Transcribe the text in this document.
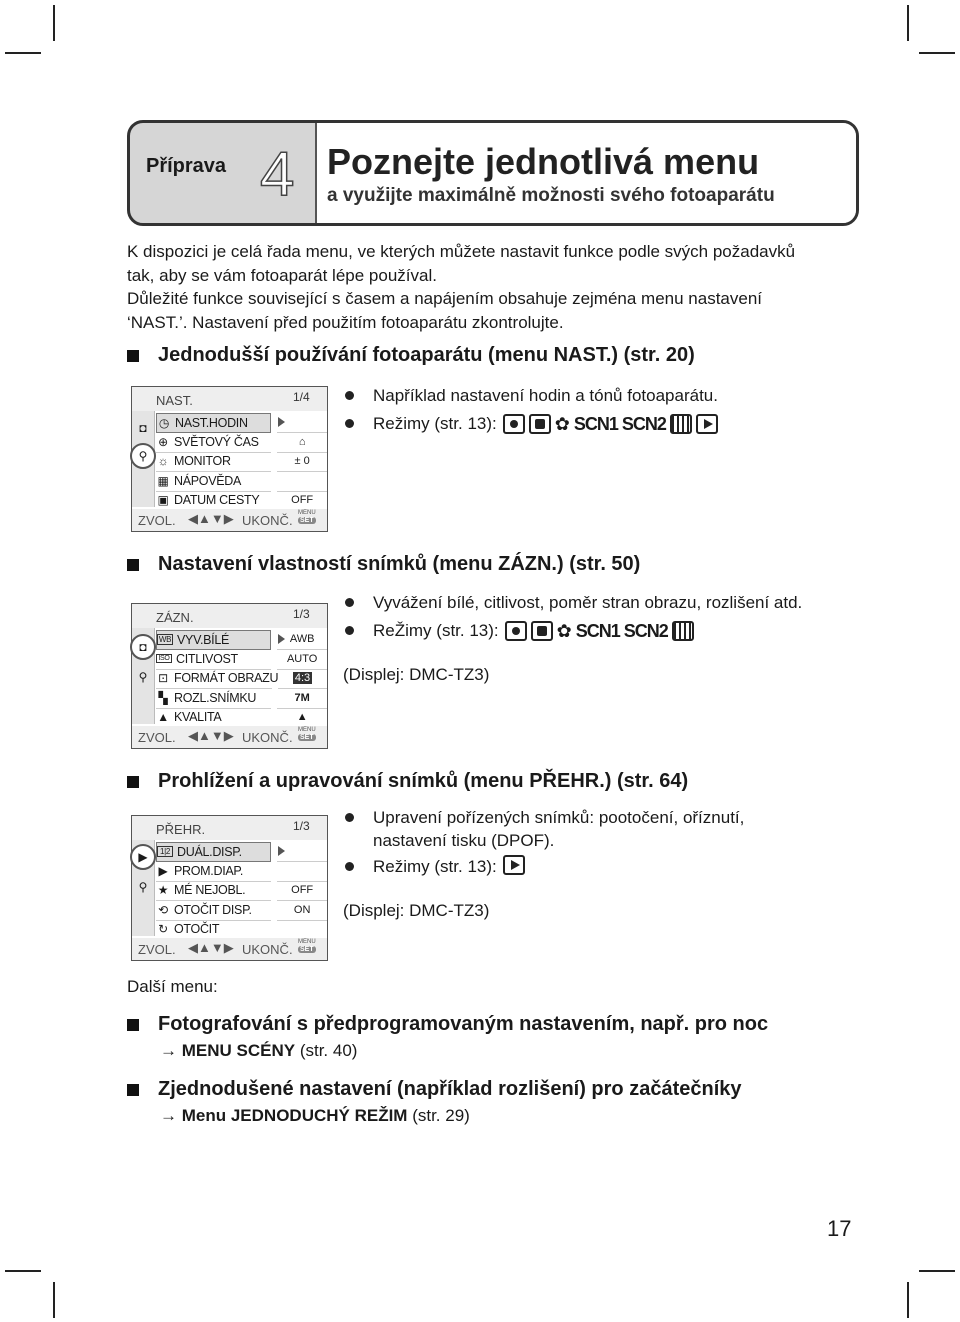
Příprava 4 Poznejte jednotlivá menu
a využijte maximálně možnosti svého fotoaparátu

K dispozici je celá řada menu, ve kterých můžete nastavit funkce podle svých požadavků

tak, aby se vám fotoaparát lépe používal.

Důležité funkce související s časem a napájením obsahuje zejména menu nastavení

‘NAST.’. Nastavení před použitím fotoaparátu zkontrolujte.

Jednodušší používání fotoaparátu (menu NAST.) (str. 20)
Například nastavení hodin a tónů fotoaparátu.
Režimy (str. 13):	✿ SCN1 SCN2
NAST.	1/4
◘
⚲
◷ NAST.HODIN
⊕ SVĚTOVÝ ČAS	⌂
☼ MONITOR	± 0
▦ NÁPOVĚDA
▣ DATUM CESTY	OFF
ZVOL. ◀▲▼▶ UKONČ. MENU
SET
Nastavení vlastností snímků (menu ZÁZN.) (str. 50)
Vyvážení bílé, citlivost, poměr stran obrazu, rozlišení atd.
ReŽimy (str. 13):	✿ SCN1 SCN2
(Displej: DMC-TZ3)
ZÁZN.	1/3
◘
⚲
WB VYV.BÍLÉ	AWB
ISO CITLIVOST	AUTO
⊡ FORMÁT OBRAZU 4:3
▚ ROZL.SNÍMKU	7M
▲ KVALITA	▲
ZVOL. ◀▲▼▶ UKONČ. MENU
SET
Prohlížení a upravování snímků (menu PŘEHR.) (str. 64)
Upravení pořízených snímků: pootočení, oříznutí,
nastavení tisku (DPOF).
Režimy (str. 13):
(Displej: DMC-TZ3)
PŘEHR.	1/3
▶
⚲
1|2 DUÁL.DISP.
▶ PROM.DIAP.
★ MÉ NEJOBL.	OFF
⟲ OTOČIT DISP.	ON
↻ OTOČIT
ZVOL. ◀▲▼▶ UKONČ. MENU
SET
Další menu:
Fotografování s předprogramovaným nastavením, např. pro noc
→ MENU SCÉNY (str. 40)
Zjednodušené nastavení (například rozlišení) pro začátečníky
→ Menu JEDNODUCHÝ REŽIM (str. 29)
17
